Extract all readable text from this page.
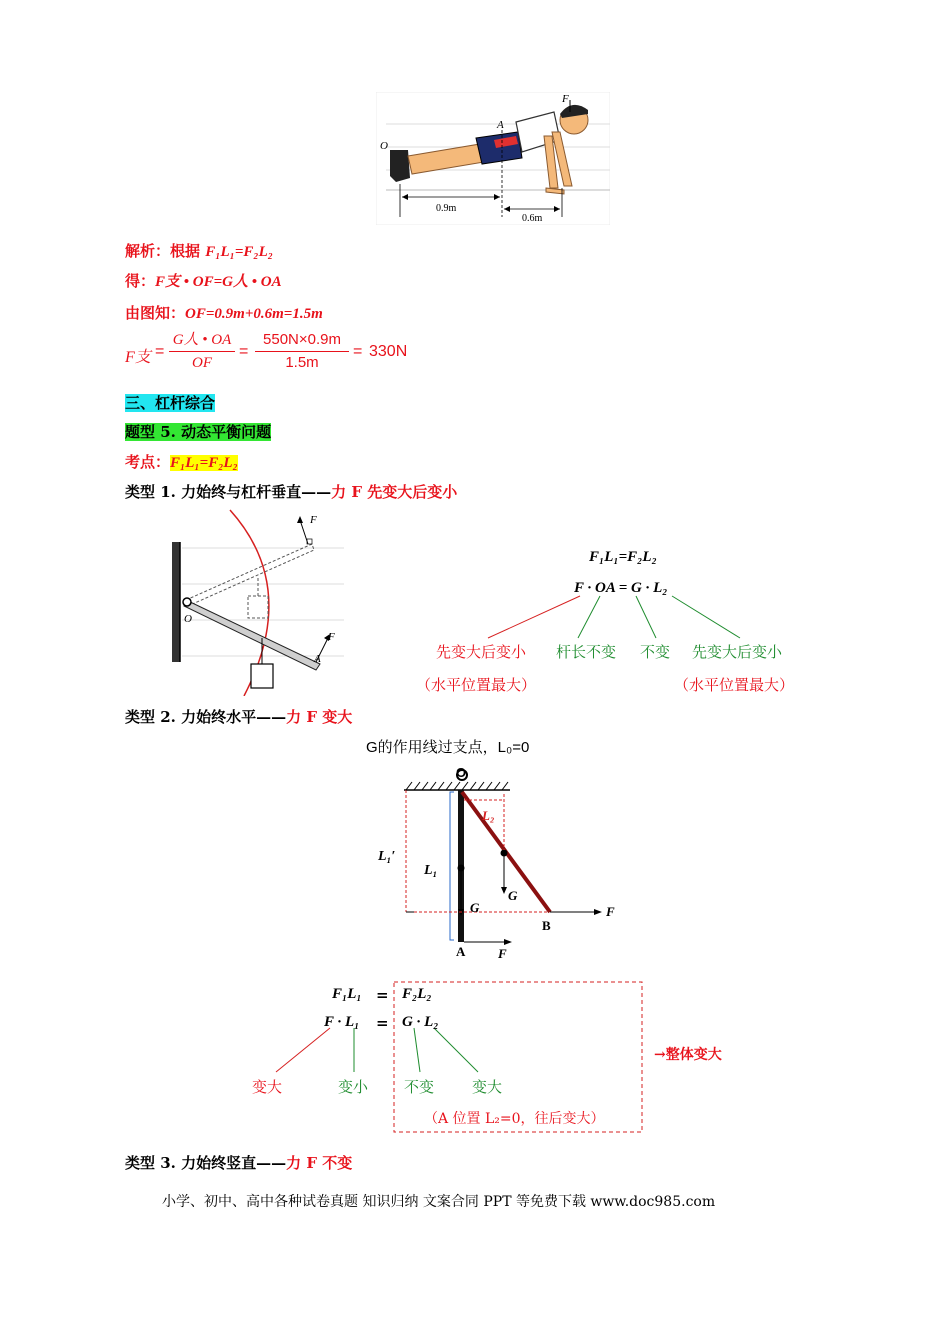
F
A
O
0.9m
0.6m
解析：根据 F₁L₁=F₂L₂
得：F支 • OF=G人 • OA
由图知：OF=0.9m+0.6m=1.5m
F支 =
G人 • OA
OF
=
550N×0.9m
1.5m
= 330N
三、杠杆综合
题型 5. 动态平衡问题
考点：F₁L₁=F₂L₂
类型 1. 力始终与杠杆垂直——力 F 先变大后变小
F
F
O
A
F₁L₁=F₂L₂
F · OA = G · L₂
先变大后变小 杆长不变 不变 先变大后变小
（水平位置最大）	（水平位置最大）
类型 2. 力始终水平——力 F 变大
G的作用线过支点，L₀=0
O
L₂
L₁′
L₁
G
G
A
B
F
F
O
F₁L₁ = F₂L₂
F · L₁ = G · L₂
变大	变小 不变	变大
（A 位置 L₂=0，往后变大）
→整体变大
类型 3. 力始终竖直——力 F 不变
小学、初中、高中各种试卷真题 知识归纳 文案合同 PPT 等免费下载 www.doc985.com
